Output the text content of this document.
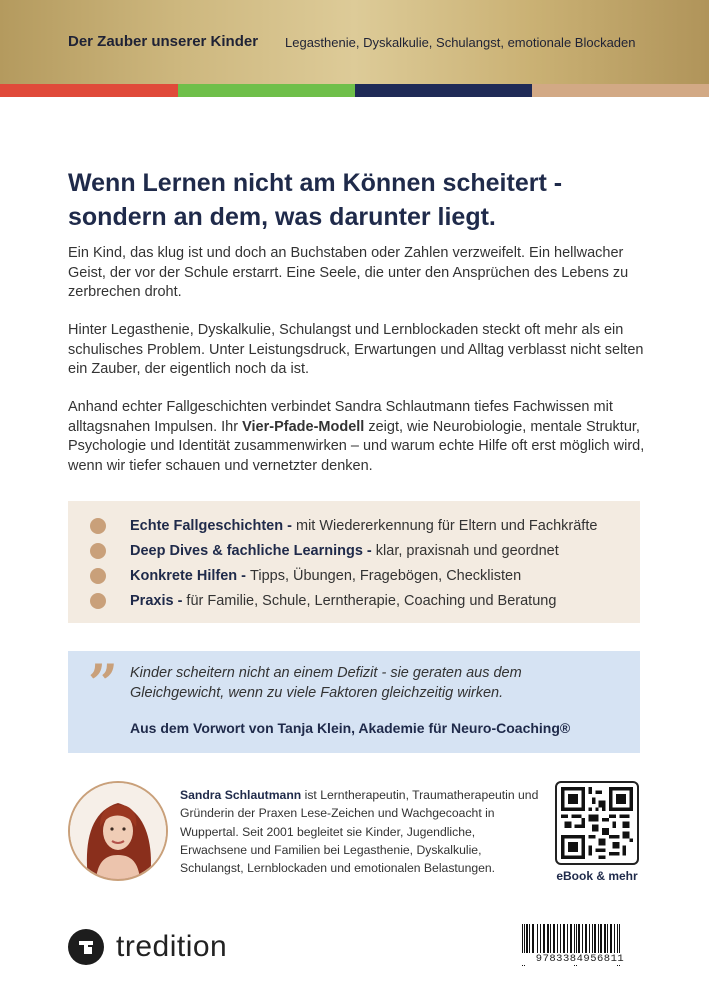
Der Zauber unserer Kinder Legasthenie, Dyskalkulie, Schulangst, emotionale Blockaden
Wenn Lernen nicht am Können scheitert -
sondern an dem, was darunter liegt.

Ein Kind, das klug ist und doch an Buchstaben oder Zahlen verzweifelt. Ein hellwacher Geist, der vor der Schule erstarrt. Eine Seele, die unter den Ansprüchen des Lebens zu zerbrechen droht.

Hinter Legasthenie, Dyskalkulie, Schulangst und Lernblockaden steckt oft mehr als ein schulisches Problem. Unter Leistungsdruck, Erwartungen und Alltag verblasst nicht selten ein Zauber, der eigentlich noch da ist.

Anhand echter Fallgeschichten verbindet Sandra Schlautmann tiefes Fachwissen mit alltagsnahen Impulsen. Ihr Vier-Pfade-Modell zeigt, wie Neurobiologie, mentale Struktur, Psychologie und Identität zusammenwirken – und warum echte Hilfe oft erst möglich wird, wenn wir tiefer schauen und vernetzter denken.

Echte Fallgeschichten - mit Wiedererkennung für Eltern und Fachkräfte
Deep Dives & fachliche Learnings - klar, praxisnah und geordnet
Konkrete Hilfen - Tipps, Übungen, Fragebögen, Checklisten
Praxis - für Familie, Schule, Lerntherapie, Coaching und Beratung
” Kinder scheitern nicht an einem Defizit - sie geraten aus dem Gleichgewicht, wenn zu viele Faktoren gleichzeitig wirken.

Aus dem Vorwort von Tanja Klein, Akademie für Neuro-Coaching®

Sandra Schlautmann ist Lerntherapeutin, Traumatherapeutin und Gründerin der Praxen Lese-Zeichen und Wachgecoacht in Wuppertal. Seit 2001 begleitet sie Kinder, Jugendliche, Erwachsene und Familien bei Legasthenie, Dyskalkulie, Schulangst, Lernblockaden und emotionalen Belastungen.

eBook & mehr
tredition	9783384956811
